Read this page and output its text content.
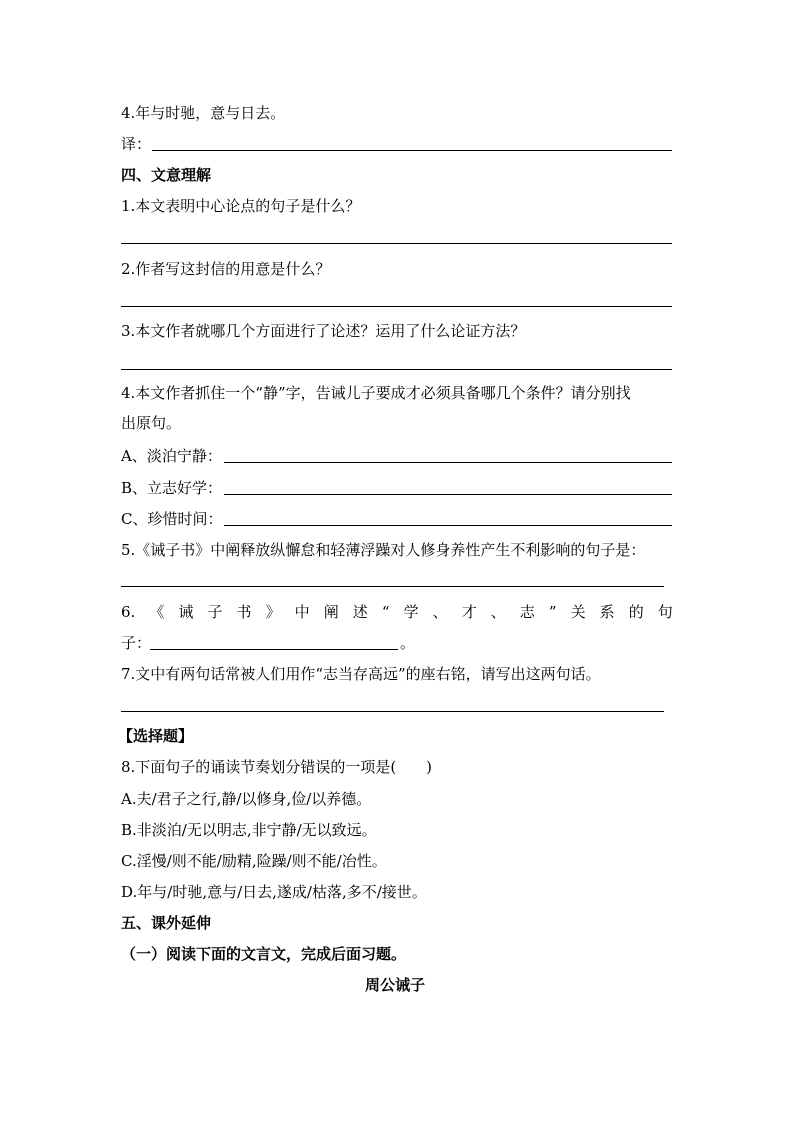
4.年与时驰，意与日去。
译：
四、文意理解
1.本文表明中心论点的句子是什么？
2.作者写这封信的用意是什么？
3.本文作者就哪几个方面进行了论述？运用了什么论证方法？
4.本文作者抓住一个“静”字，告诫儿子要成才必须具备哪几个条件？请分别找
出原句。
A、淡泊宁静：
B、立志好学：
C、珍惜时间：
5.《诫子书》中阐释放纵懈怠和轻薄浮躁对人修身养性产生不利影响的句子是：
6. 《 诫 子 书 》 中 阐 述 “ 学 、 才 、 志 ” 关 系 的 句
子：	。
7.文中有两句话常被人们用作“志当存高远”的座右铭，请写出这两句话。
【选择题】
8.下面句子的诵读节奏划分错误的一项是(　　)
A.夫/君子之行,静/以修身,俭/以养德。
B.非淡泊/无以明志,非宁静/无以致远。
C.淫慢/则不能/励精,险躁/则不能/冶性。
D.年与/时驰,意与/日去,遂成/枯落,多不/接世。
五、课外延伸
（一）阅读下面的文言文，完成后面习题。
周公诫子
